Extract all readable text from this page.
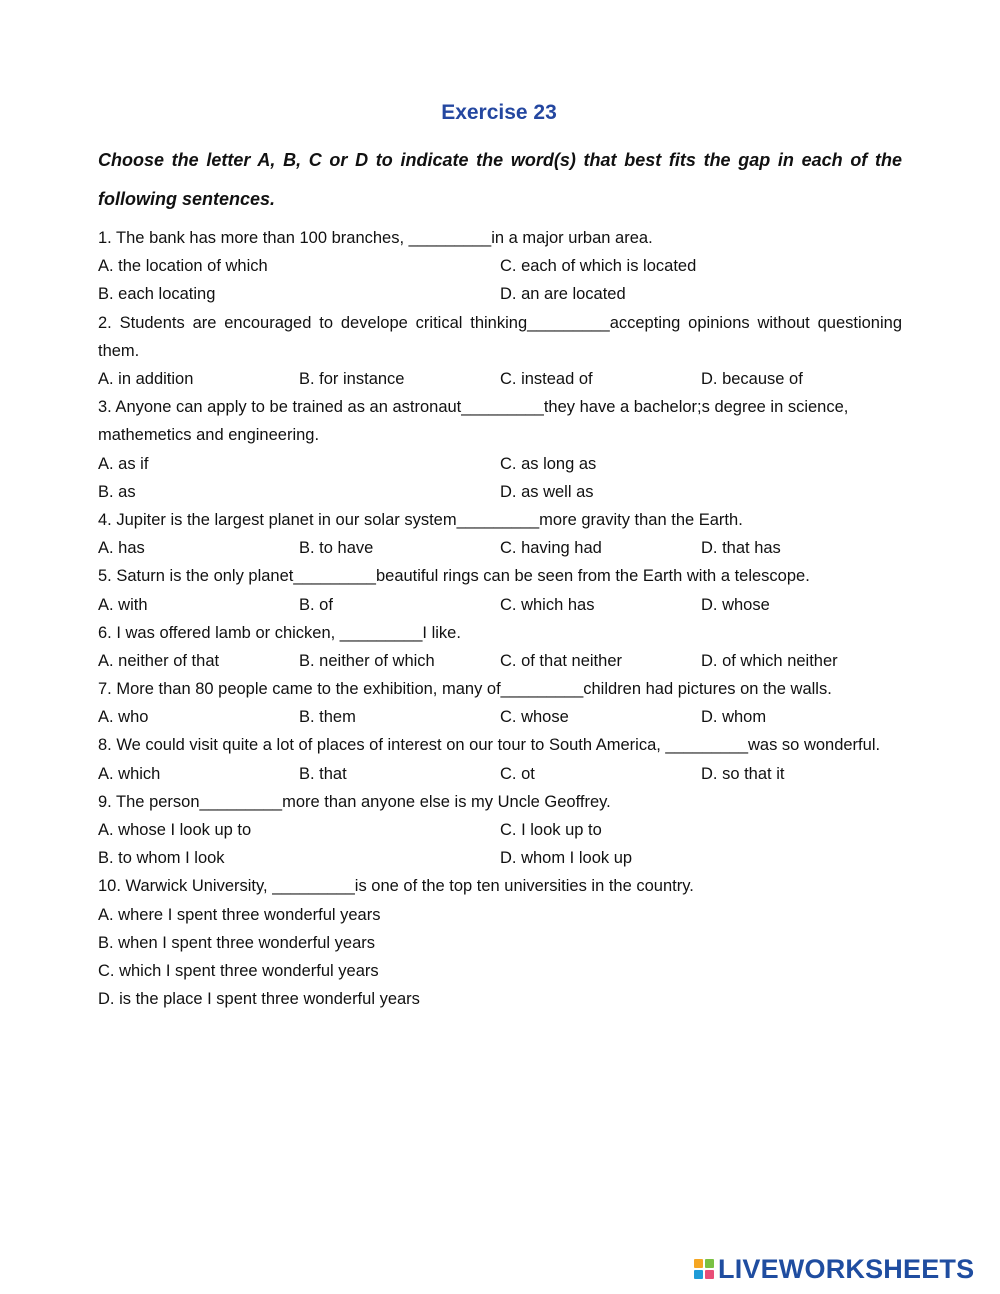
Exercise 23
Choose the letter A, B, C or D to indicate the word(s) that best fits the gap in each of the following sentences.
1. The bank has more than 100 branches, _________in a major urban area.
A. the location of which	C. each of which is located
B. each locating	D. an are located
2. Students are encouraged to develope critical thinking_________accepting opinions without questioning them.
A. in addition	B. for instance	C. instead of	D. because of
3. Anyone can apply to be trained as an astronaut_________they have a bachelor;s degree in science, mathemetics and engineering.
A. as if	C. as long as
B. as	D. as well as
4. Jupiter is the largest planet in our solar system_________more gravity than the Earth.
A. has	B. to have	C. having had	D. that has
5. Saturn is the only planet_________beautiful rings can be seen from the Earth with a telescope.
A. with	B. of	C. which has	D. whose
6. I was offered lamb or chicken, _________I like.
A. neither of that	B. neither of which	C. of that neither	D. of which neither
7. More than 80 people came to the exhibition, many of_________children had pictures on the walls.
A. who	B. them	C. whose	D. whom
8. We could visit quite a lot of places of interest on our tour to South America, _________was so wonderful.
A. which	B. that	C. ot	D. so that it
9. The person_________more than anyone else is my Uncle Geoffrey.
A. whose I look up to	C. I look up to
B. to whom I look	D. whom I look up
10. Warwick University, _________is one of the top ten universities in the country.
A. where I spent three wonderful years
B. when I spent three wonderful years
C. which I spent three wonderful years
D. is the place I spent three wonderful years
LIVEWORKSHEETS
